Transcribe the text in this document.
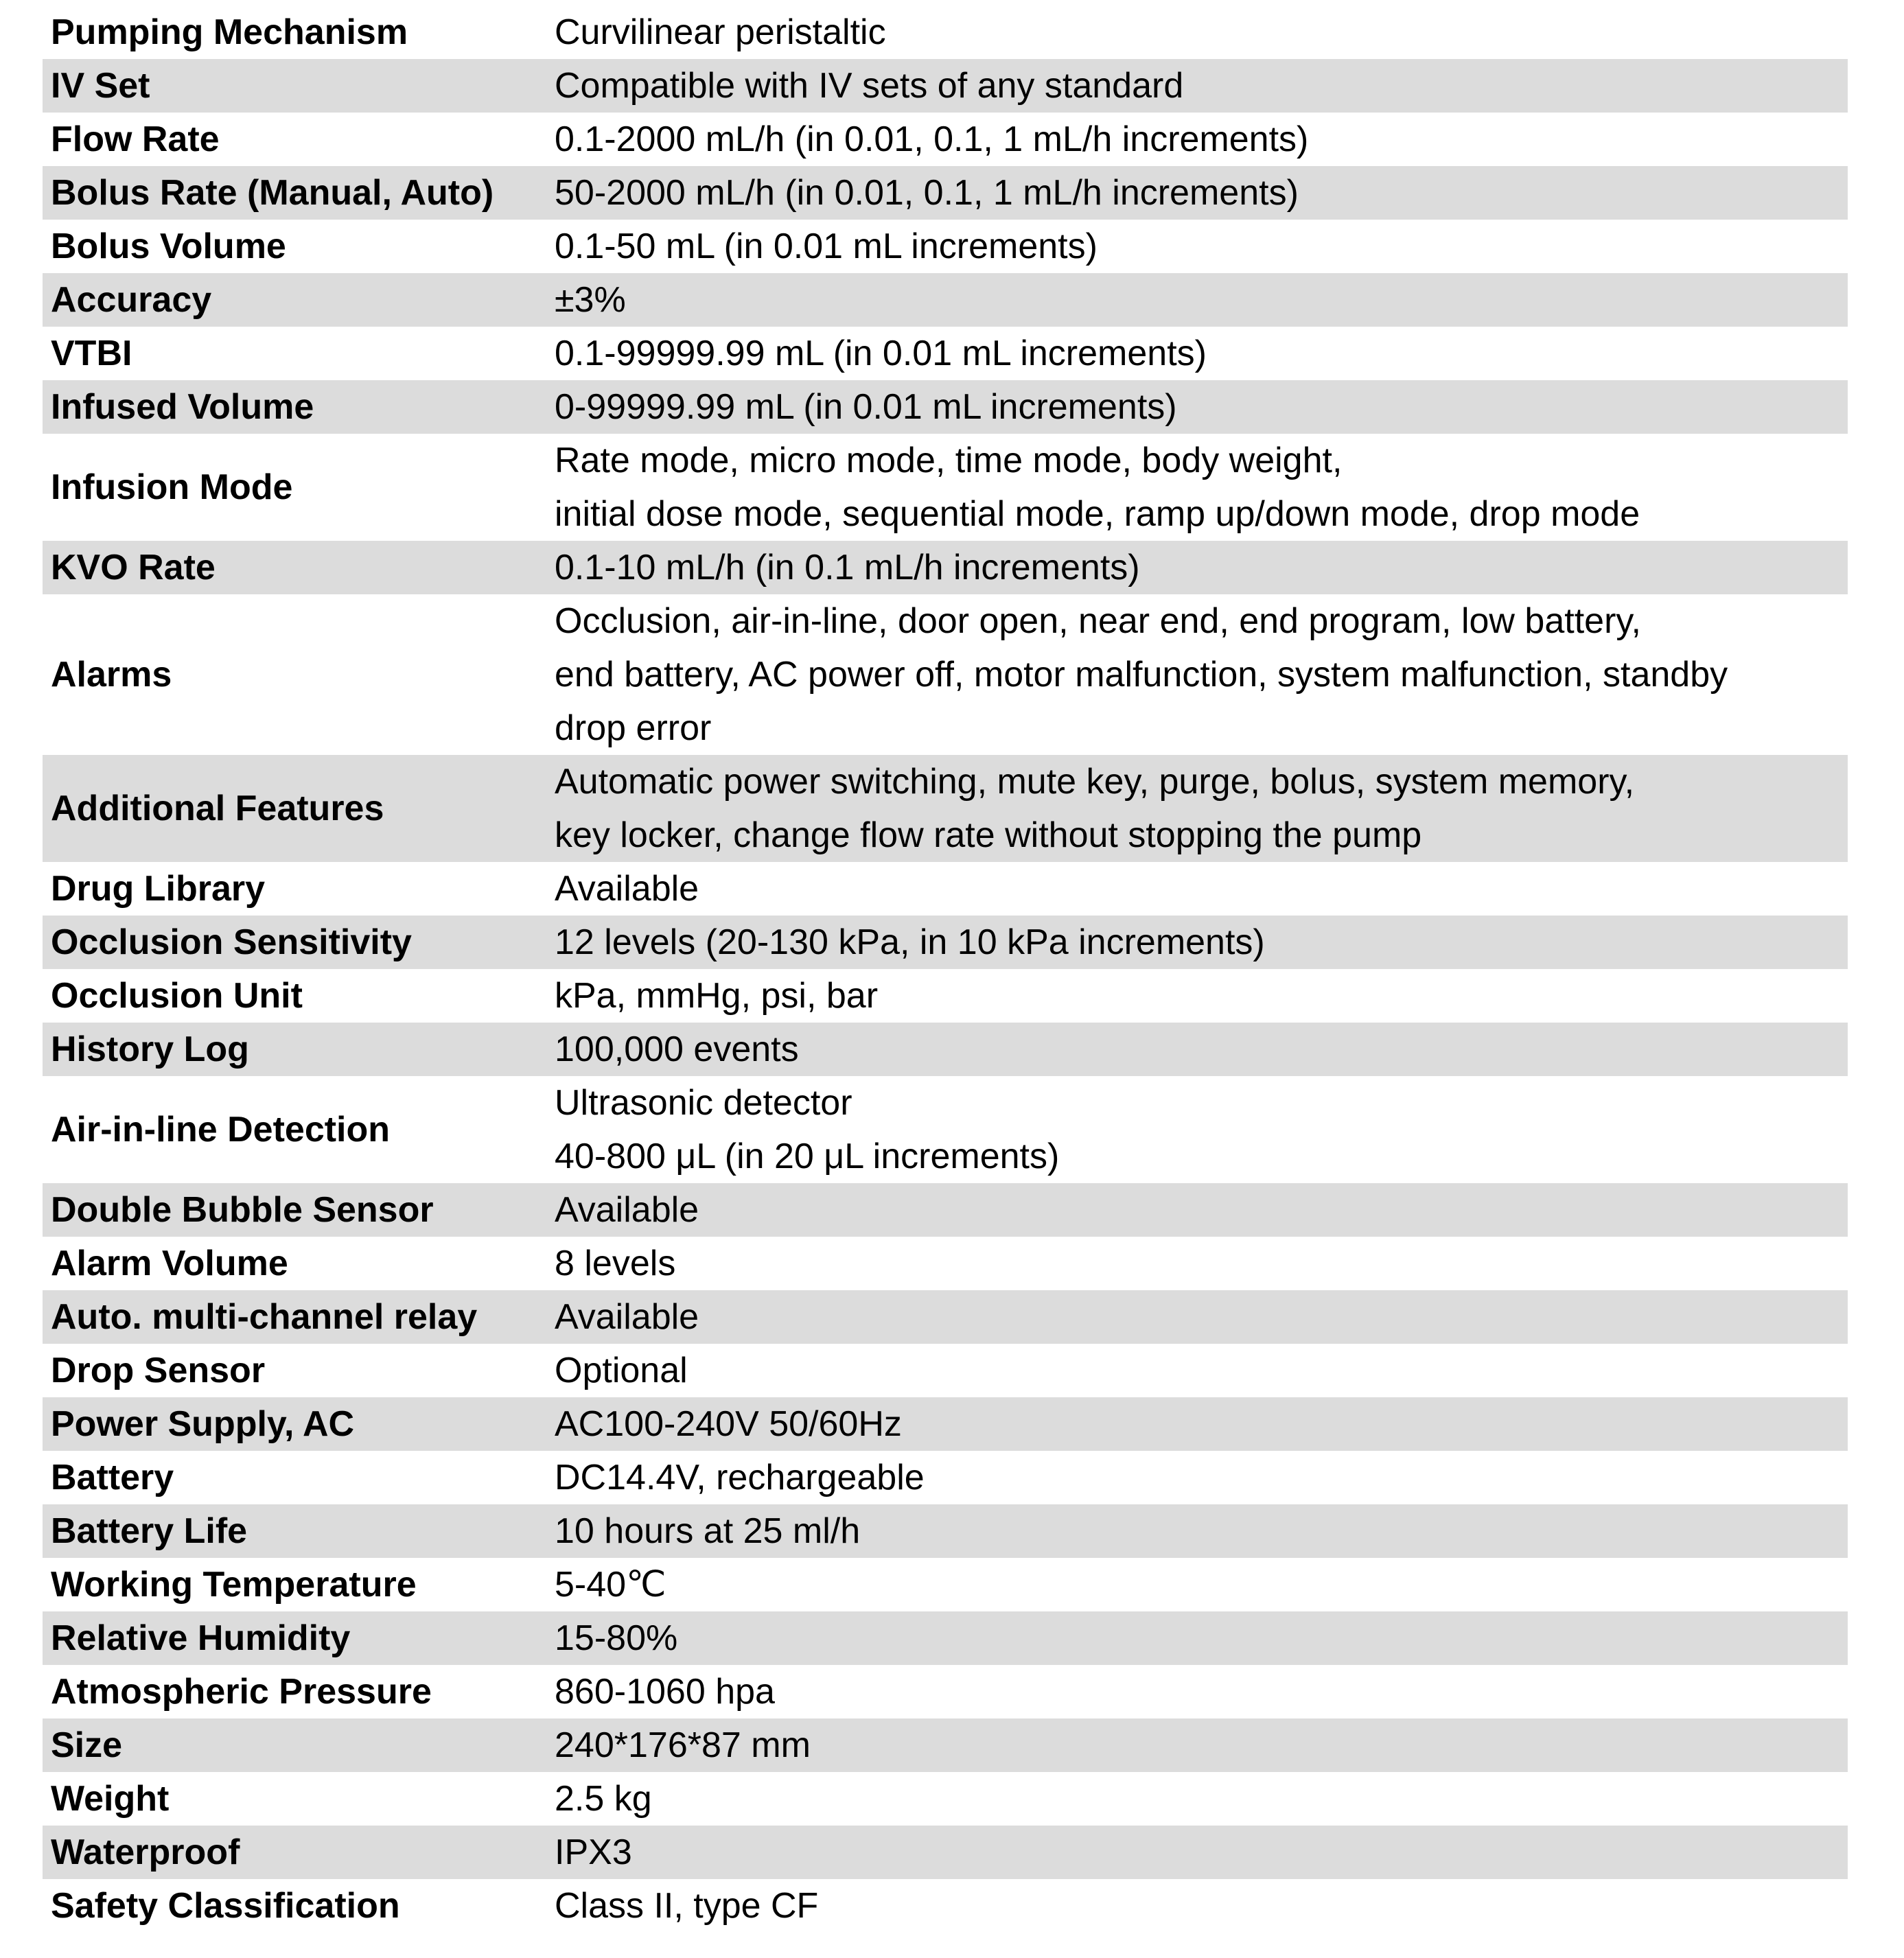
Pumping Mechanism	Curvilinear peristaltic

IV Set	Compatible with IV sets of any standard

Flow Rate	0.1-2000 mL/h (in 0.01, 0.1, 1 mL/h increments)

Bolus Rate (Manual, Auto)	50-2000 mL/h (in 0.01, 0.1, 1 mL/h increments)

Bolus Volume	0.1-50 mL (in 0.01 mL increments)

Accuracy	±3%

VTBI	0.1-99999.99 mL (in 0.01 mL increments)

Infused Volume	0-99999.99 mL (in 0.01 mL increments)

Infusion Mode	Rate mode, micro mode, time mode, body weight,
initial dose mode, sequential mode, ramp up/down mode, drop mode

KVO Rate	0.1-10 mL/h (in 0.1 mL/h increments)

Alarms	Occlusion, air-in-line, door open, near end, end program, low battery,
end battery, AC power off, motor malfunction, system malfunction, standby
drop error

Additional Features	Automatic power switching, mute key, purge, bolus, system memory,
key locker, change flow rate without stopping the pump

Drug Library	Available

Occlusion Sensitivity	12 levels (20-130 kPa, in 10 kPa increments)

Occlusion Unit	kPa, mmHg, psi, bar

History Log	100,000 events

Air-in-line Detection	Ultrasonic detector
40-800 μL (in 20 μL increments)

Double Bubble Sensor	Available

Alarm Volume	8 levels

Auto. multi-channel relay	Available

Drop Sensor	Optional

Power Supply, AC	AC100-240V 50/60Hz

Battery	DC14.4V, rechargeable

Battery Life	10 hours at 25 ml/h

Working Temperature	5-40℃

Relative Humidity	15-80%

Atmospheric Pressure	860-1060 hpa

Size	240*176*87 mm

Weight	2.5 kg

Waterproof	IPX3

Safety Classification	Class II, type CF
